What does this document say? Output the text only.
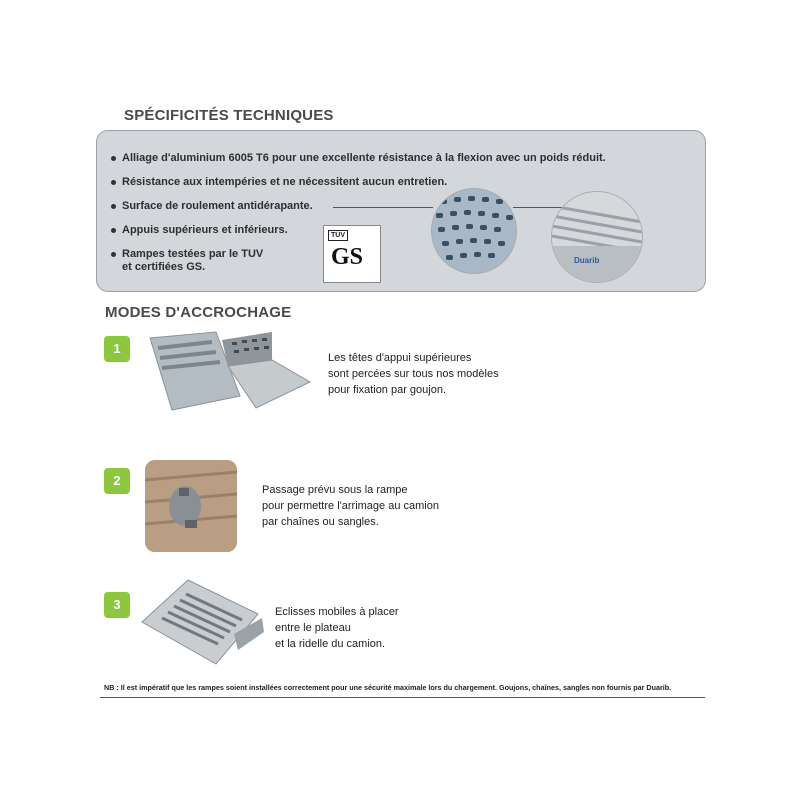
SPÉCIFICITÉS TECHNIQUES
Alliage d'aluminium 6005 T6 pour une excellente résistance à la flexion avec un poids réduit.
Résistance aux intempéries et ne nécessitent aucun entretien.
Surface de roulement antidérapante.
Appuis supérieurs et inférieurs.
Rampes testées par le TUV
et certifiées GS.
TÜV
GS	Duarib
MODES D'ACCROCHAGE
1
Les têtes d'appui supérieures
sont percées sur tous nos modèles
pour fixation par goujon.
2
Passage prévu sous la rampe
pour permettre l'arrimage au camion
par chaînes ou sangles.
3	Eclisses mobiles à placer
entre le plateau
et la ridelle du camion.
NB : Il est impératif que les rampes soient installées correctement pour une sécurité maximale lors du chargement. Goujons, chaînes, sangles non fournis par Duarib.
